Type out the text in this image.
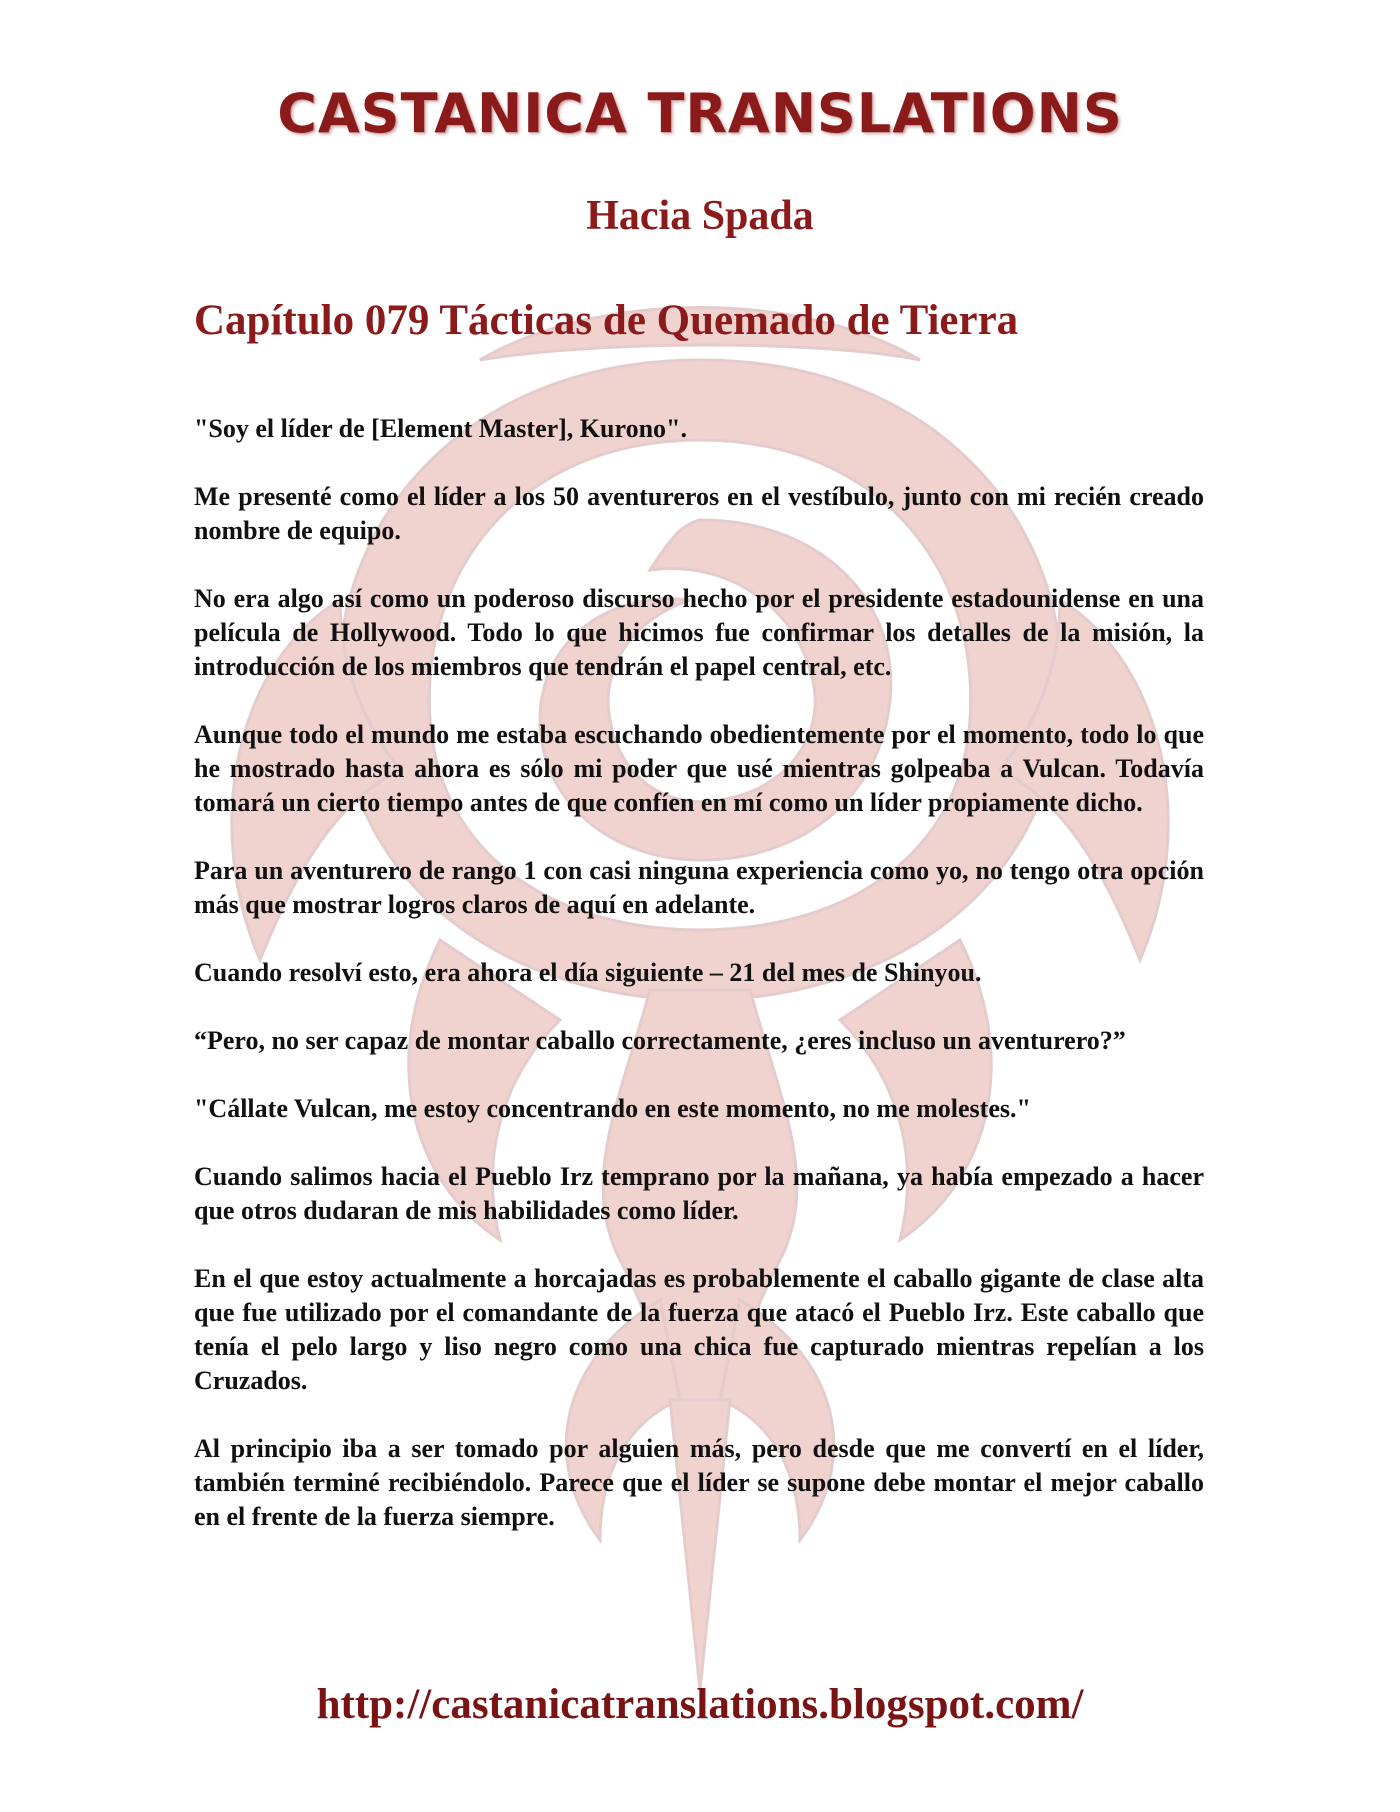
CASTANICA TRANSLATIONS
Hacia Spada
Capítulo 079 Tácticas de Quemado de Tierra

"Soy el líder de [Element Master], Kurono".

Me presenté como el líder a los 50 aventureros en el vestíbulo, junto con mi recién creado nombre de equipo.

No era algo así como un poderoso discurso hecho por el presidente estadounidense en una película de Hollywood. Todo lo que hicimos fue confirmar los detalles de la misión, la introducción de los miembros que tendrán el papel central, etc.

Aunque todo el mundo me estaba escuchando obedientemente por el momento, todo lo que he mostrado hasta ahora es sólo mi poder que usé mientras golpeaba a Vulcan. Todavía tomará un cierto tiempo antes de que confíen en mí como un líder propiamente dicho.

Para un aventurero de rango 1 con casi ninguna experiencia como yo, no tengo otra opción más que mostrar logros claros de aquí en adelante.

Cuando resolví esto, era ahora el día siguiente – 21 del mes de Shinyou.

“Pero, no ser capaz de montar caballo correctamente, ¿eres incluso un aventurero?”

"Cállate Vulcan, me estoy concentrando en este momento, no me molestes."

Cuando salimos hacia el Pueblo Irz temprano por la mañana, ya había empezado a hacer que otros dudaran de mis habilidades como líder.

En el que estoy actualmente a horcajadas es probablemente el caballo gigante de clase alta que fue utilizado por el comandante de la fuerza que atacó el Pueblo Irz. Este caballo que tenía el pelo largo y liso negro como una chica fue capturado mientras repelían a los Cruzados.

Al principio iba a ser tomado por alguien más, pero desde que me convertí en el líder, también terminé recibiéndolo. Parece que el líder se supone debe montar el mejor caballo en el frente de la fuerza siempre.

http://castanicatranslations.blogspot.com/
